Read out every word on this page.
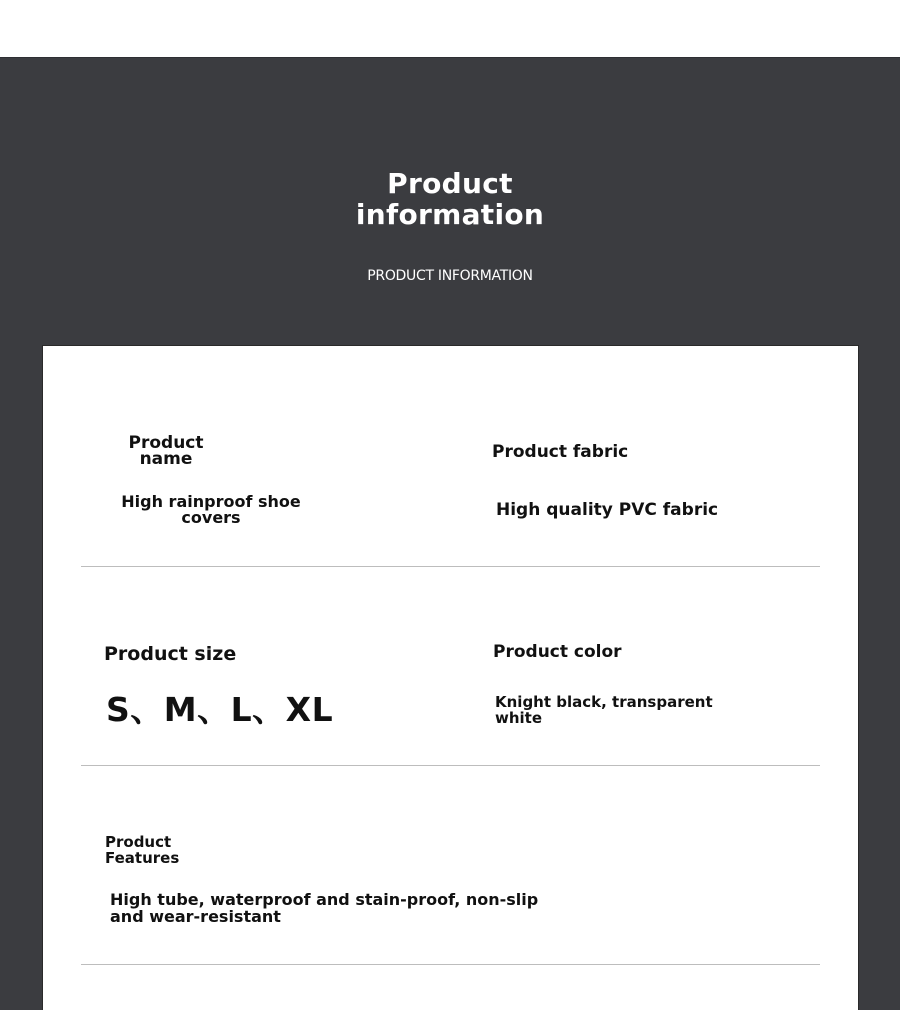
Product
information
PRODUCT INFORMATION
Product
name
High rainproof shoe
covers
Product fabric
High quality PVC fabric
Product size
S、M、L、XL
Product color
Knight black, transparent
white
Product
Features
High tube, waterproof and stain-proof, non-slip
and wear-resistant
